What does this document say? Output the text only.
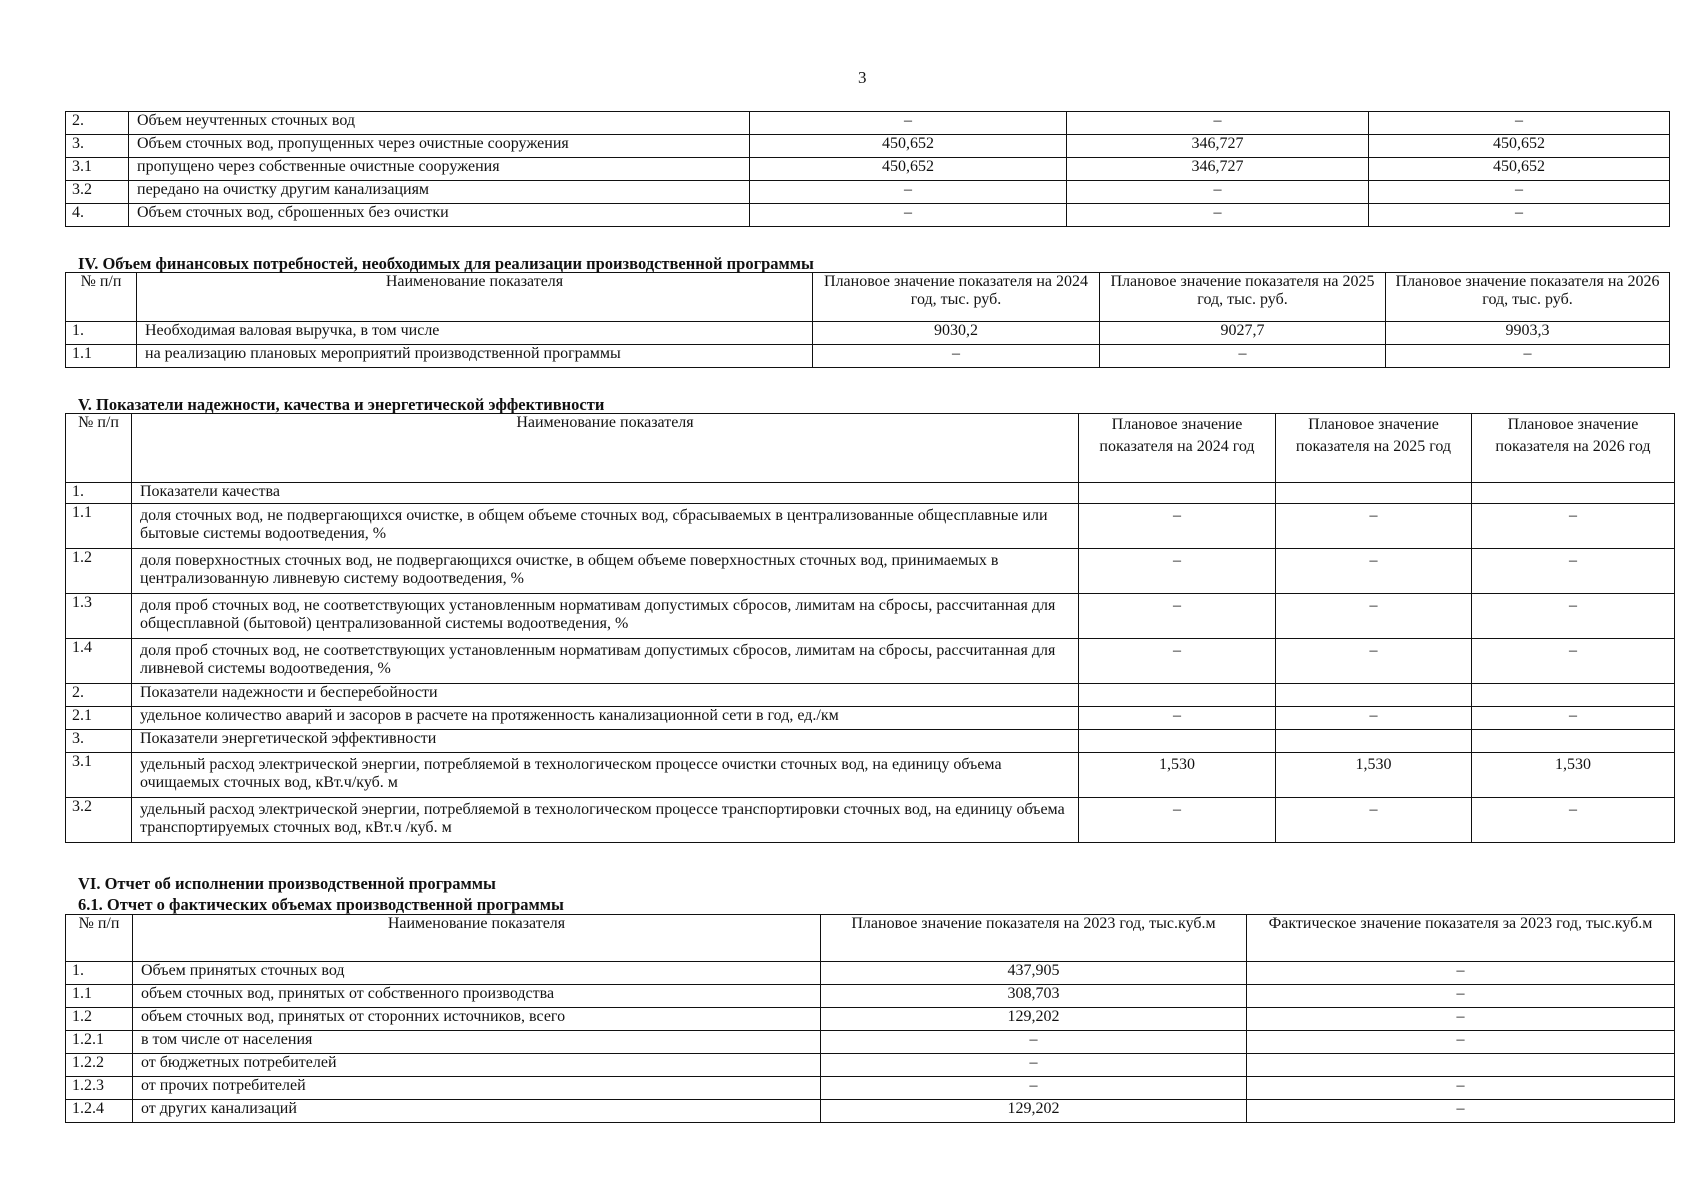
3
2.	Объем неучтенных сточных вод	–	–	–
3.	Объем сточных вод, пропущенных через очистные сооружения	450,652	346,727	450,652
3.1	пропущено через собственные очистные сооружения	450,652	346,727	450,652
3.2	передано на очистку другим канализациям	–	–	–
4.	Объем сточных вод, сброшенных без очистки	–	–	–
IV. Объем финансовых потребностей, необходимых для реализации производственной программы
№ п/п	Наименование показателя	Плановое значение показателя на 2024 год, тыс. руб.	Плановое значение показателя на 2025 год, тыс. руб.	Плановое значение показателя на 2026 год, тыс. руб.
1.	Необходимая валовая выручка, в том числе	9030,2	9027,7	9903,3
1.1	на реализацию плановых мероприятий производственной программы	–	–	–
V. Показатели надежности, качества и энергетической эффективности
№ п/п	Наименование показателя	Плановое значение показателя на 2024 год	Плановое значение показателя на 2025 год	Плановое значение показателя на 2026 год
1.	Показатели качества			
1.1	доля сточных вод, не подвергающихся очистке, в общем объеме сточных вод, сбрасываемых в централизованные общесплавные или бытовые системы водоотведения, %	–	–	–
1.2	доля поверхностных сточных вод, не подвергающихся очистке, в общем объеме поверхностных сточных вод, принимаемых в централизованную ливневую систему водоотведения, %	–	–	–
1.3	доля проб сточных вод, не соответствующих установленным нормативам допустимых сбросов, лимитам на сбросы, рассчитанная для общесплавной (бытовой) централизованной системы водоотведения, %	–	–	–
1.4	доля проб сточных вод, не соответствующих установленным нормативам допустимых сбросов, лимитам на сбросы, рассчитанная для ливневой системы водоотведения, %	–	–	–
2.	Показатели надежности и бесперебойности			
2.1	удельное количество аварий и засоров в расчете на протяженность канализационной сети в год, ед./км	–	–	–
3.	Показатели энергетической эффективности			
3.1	удельный расход электрической энергии, потребляемой в технологическом процессе очистки сточных вод, на единицу объема очищаемых сточных вод, кВт.ч/куб. м	1,530	1,530	1,530
3.2	удельный расход электрической энергии, потребляемой в технологическом процессе транспортировки сточных вод, на единицу объема транспортируемых сточных вод, кВт.ч /куб. м	–	–	–
VI. Отчет об исполнении производственной программы
6.1. Отчет о фактических объемах производственной программы
№ п/п	Наименование показателя	Плановое значение показателя на 2023 год, тыс.куб.м	Фактическое значение показателя за 2023 год, тыс.куб.м
1.	Объем принятых сточных вод	437,905	–
1.1	объем сточных вод, принятых от собственного производства	308,703	–
1.2	объем сточных вод, принятых от сторонних источников, всего	129,202	–
1.2.1	в том числе от населения	–	–
1.2.2	от бюджетных потребителей	–	
1.2.3	от прочих потребителей	–	–
1.2.4	от других канализаций	129,202	–
